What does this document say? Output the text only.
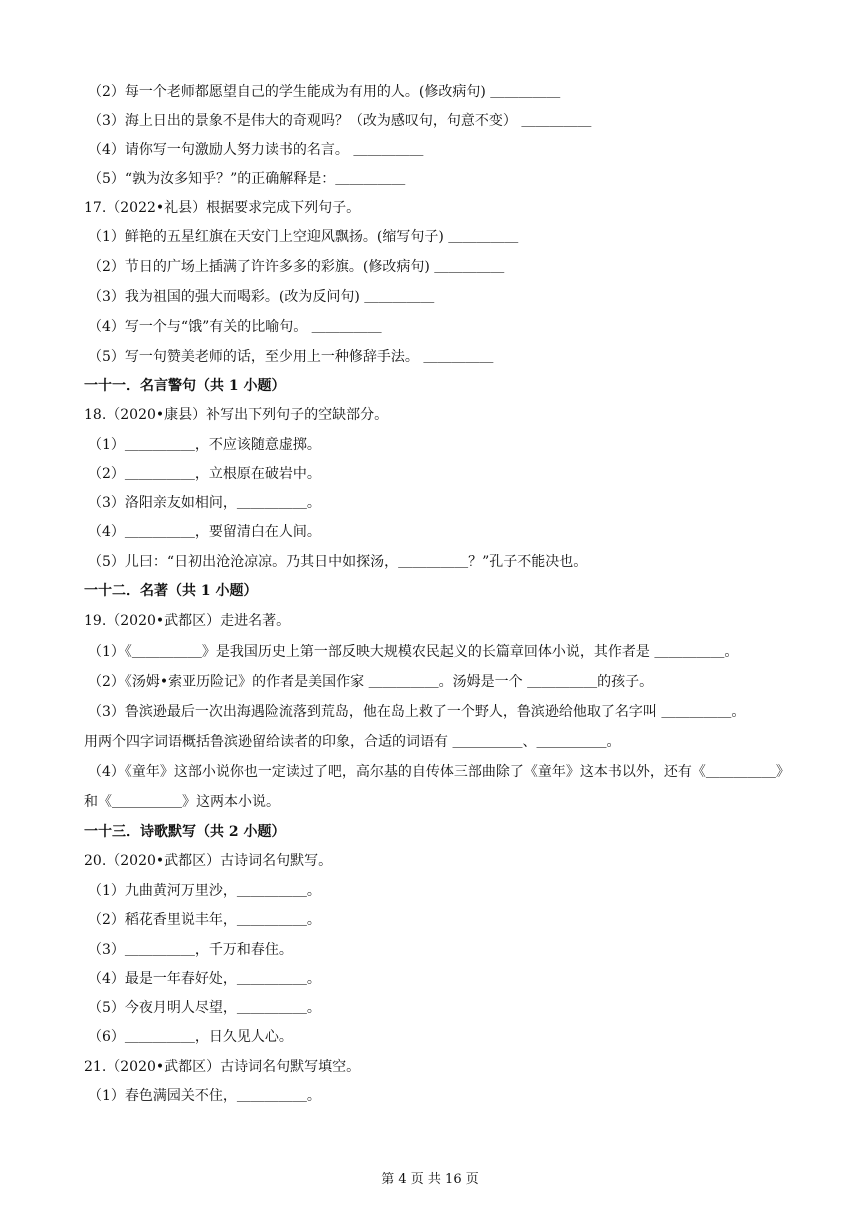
（2）每一个老师都愿望自己的学生能成为有用的人。(修改病句) ＿＿＿＿＿
（3）海上日出的景象不是伟大的奇观吗？（改为感叹句，句意不变） ＿＿＿＿＿
（4）请你写一句激励人努力读书的名言。 ＿＿＿＿＿
（5）“孰为汝多知乎？”的正确解释是：＿＿＿＿＿
17.（2022•礼县）根据要求完成下列句子。
（1）鲜艳的五星红旗在天安门上空迎风飘扬。(缩写句子) ＿＿＿＿＿
（2）节日的广场上插满了许许多多的彩旗。(修改病句) ＿＿＿＿＿
（3）我为祖国的强大而喝彩。(改为反问句) ＿＿＿＿＿
（4）写一个与“饿”有关的比喻句。 ＿＿＿＿＿
（5）写一句赞美老师的话，至少用上一种修辞手法。 ＿＿＿＿＿
一十一．名言警句（共 1 小题）
18.（2020•康县）补写出下列句子的空缺部分。
（1）＿＿＿＿＿，不应该随意虚掷。
（2）＿＿＿＿＿，立根原在破岩中。
（3）洛阳亲友如相问，＿＿＿＿＿。
（4）＿＿＿＿＿，要留清白在人间。
（5）儿曰：“日初出沧沧凉凉。乃其日中如探汤，＿＿＿＿＿？”孔子不能决也。
一十二．名著（共 1 小题）
19.（2020•武都区）走进名著。
（1）《＿＿＿＿＿》是我国历史上第一部反映大规模农民起义的长篇章回体小说，其作者是 ＿＿＿＿＿。
（2）《汤姆•索亚历险记》的作者是美国作家 ＿＿＿＿＿。汤姆是一个 ＿＿＿＿＿的孩子。
（3）鲁滨逊最后一次出海遇险流落到荒岛，他在岛上救了一个野人，鲁滨逊给他取了名字叫 ＿＿＿＿＿。
用两个四字词语概括鲁滨逊留给读者的印象，合适的词语有 ＿＿＿＿＿、＿＿＿＿＿。
（4）《童年》这部小说你也一定读过了吧，高尔基的自传体三部曲除了《童年》这本书以外，还有《＿＿＿＿＿》
和《＿＿＿＿＿》这两本小说。
一十三．诗歌默写（共 2 小题）
20.（2020•武都区）古诗词名句默写。
（1）九曲黄河万里沙，＿＿＿＿＿。
（2）稻花香里说丰年，＿＿＿＿＿。
（3）＿＿＿＿＿，千万和春住。
（4）最是一年春好处，＿＿＿＿＿。
（5）今夜月明人尽望，＿＿＿＿＿。
（6）＿＿＿＿＿，日久见人心。
21.（2020•武都区）古诗词名句默写填空。
（1）春色满园关不住，＿＿＿＿＿。
第 4 页 共 16 页
